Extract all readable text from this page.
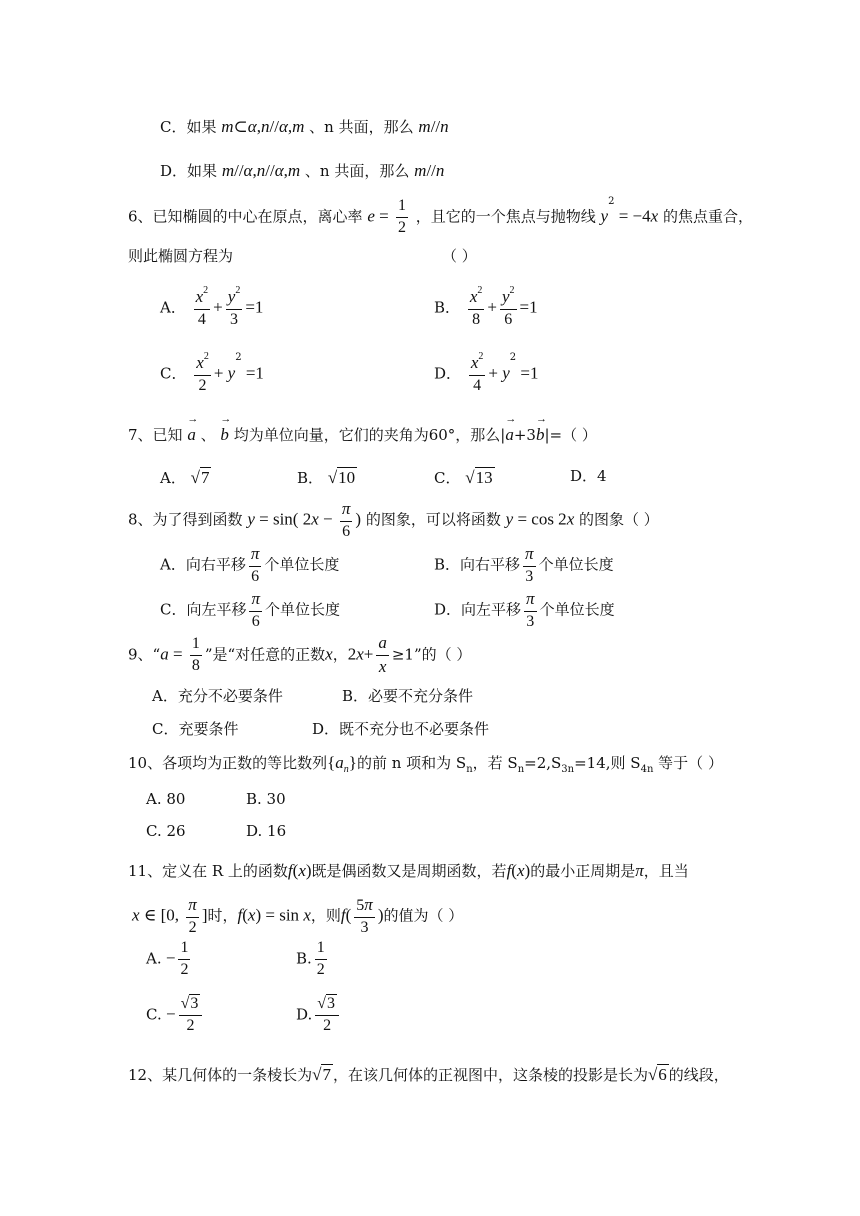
C．如果 m⊂α,n//α,m 、n 共面，那么 m//n
D．如果 m//α,n//α,m 、n 共面，那么 m//n
6、已知椭圆的中心在原点，离心率 $e = \frac{1}{2}$ ，且它的一个焦点与抛物线 $y^2 = -4x$ 的焦点重合，
则此椭圆方程为	（ ）
A． $\frac{x^2}{4} + \frac{y^2}{3} =1$	B． $\frac{x^2}{8} + \frac{y^2}{6} =1$
C． $\frac{x^2}{2} + y^2 =1$	D． $\frac{x^2}{4} + y^2 =1$
7、已知 → a 、 → b 均为单位向量，它们的夹角为60°，那么|→ a+3→ b|=（ ）
A． √7	B． √10	C． √13	D．4
8、为了得到函数 y = sin( $2x - \frac{\pi}{6}$ ) 的图象，可以将函数 y = cos 2x 的图象（ ）
A．向右平移 $\frac{\pi}{6}$ 个单位长度	B．向右平移 $\frac{\pi}{3}$ 个单位长度
C．向左平移 $\frac{\pi}{6}$ 个单位长度	D．向左平移 $\frac{\pi}{3}$ 个单位长度
9、“$a = \frac{1}{8}$ ”是“对任意的正数x，$2x+ \frac{a}{x} \ge 1$”的（ ）
A．充分不必要条件	B．必要不充分条件
C．充要条件	D．既不充分也不必要条件
10、各项均为正数的等比数列$\{a_n\}$的前 n 项和为 $S_n$，若 $S_n=2,S_{3n}=14$,则 $S_{4n}$ 等于（ ）
A. 80	B. 30
C. 26	D. 16
11、定义在 R 上的函数f(x)既是偶函数又是周期函数，若f(x)的最小正周期是π，且当
x ∈ [0, $\frac{\pi}{2}$ ]时，f(x) = sin x，则$f( \frac{5\pi}{3}$ )的值为（ ）
A. − $\frac{1}{2}$	B. $\frac{1}{2}$
C. − $\frac{√3}{2}$	D. $\frac{√3}{2}$
12、某几何体的一条棱长为√7 ，在该几何体的正视图中，这条棱的投影是长为√6 的线段，
